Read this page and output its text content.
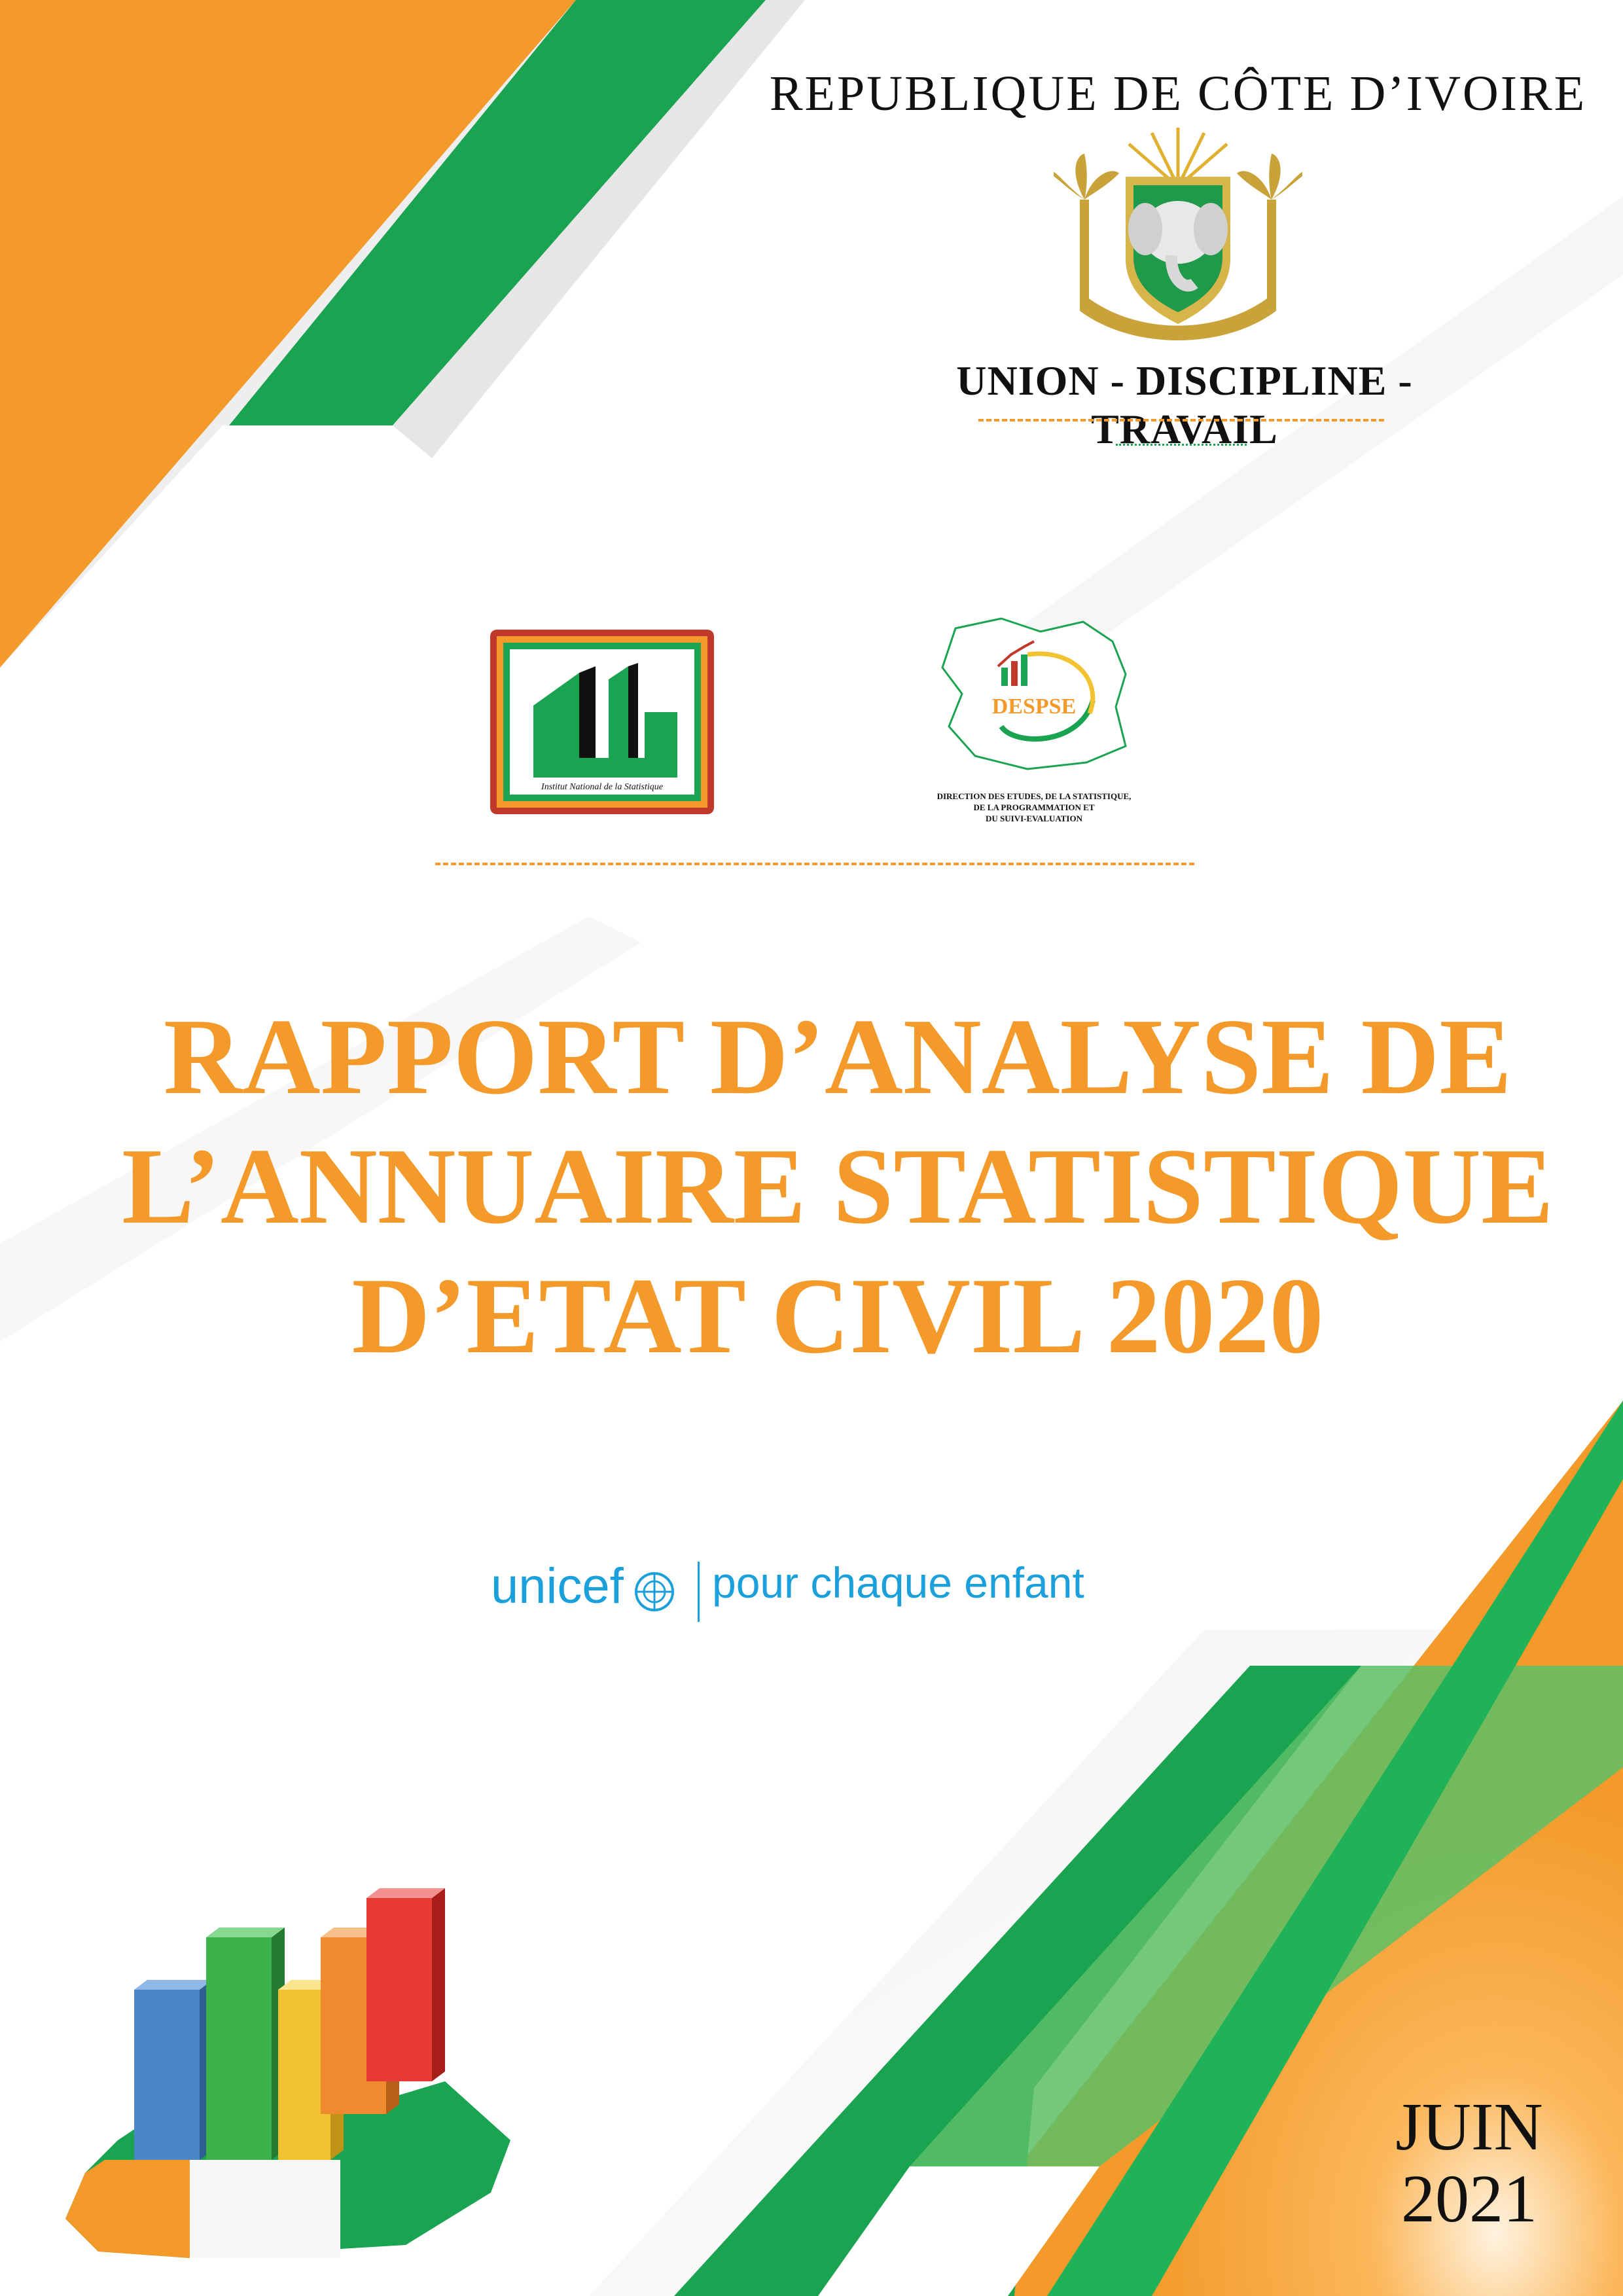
REPUBLIQUE DE CÔTE D’IVOIRE
UNION - DISCIPLINE -TRAVAIL
Institut National de la Statistique
DESPSE
DIRECTION DES ETUDES, DE LA STATISTIQUE,
DE LA PROGRAMMATION ET
DU SUIVI-EVALUATION
RAPPORT D’ANALYSE DE
L’ANNUAIRE STATISTIQUE
D’ETAT CIVIL 2020
unicef pour chaque enfant
JUIN
2021
